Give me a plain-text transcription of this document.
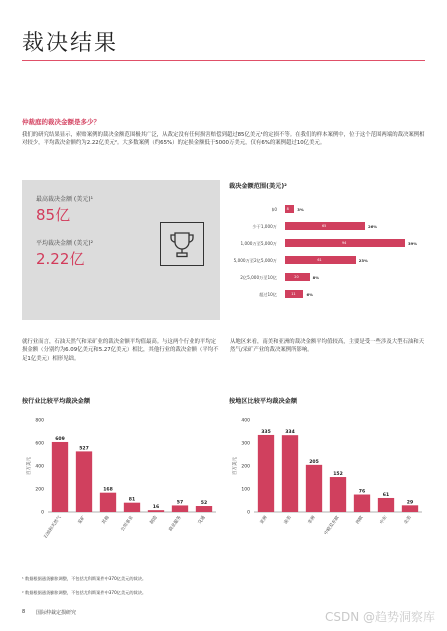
裁决结果
仲裁庭的裁决金额是多少？
我们的研究结果显示，索赔案例的裁决金额范围极其广泛，从裁定没有任何损害赔偿到超过85亿美元¹的定损不等。在我们的样本案例中，位于这个范围两端的裁决案例相对较少，平均裁决金额约为2.22亿美元²。大多数案例（约65%）的定损金额低于5000万美元，仅有6%的案例超过10亿美元。
最高裁决金额 (美元)¹
85亿
平均裁决金额 (美元)²
2.22亿
裁决金额范围(美元)²
$0	8 3%
少于1,000万	65	26%
1,000万至5,000万	94	39%
5,000万至2亿5,000万	61	23%
2亿5,000万至10亿	20	8%
超过10亿	11	6%
就行业而言，石油天然气和采矿业的裁决金额平均值最高。与这两个行业的平均定损金额（分别约为6.09亿美元和5.27亿美元）相比，其他行业的裁决金额（平均不足1亿美元）相形见绌。
从地区来看，南美和亚洲的裁决金额平均值较高，主要是受一些涉及大型石油和天然气/采矿产业的裁决案例所影响。
按行业比较平均裁决金额	按地区比较平均裁决金额
百万美元
0
200
400
600
800
609
石油和天然气
527
采矿
168
其他
81
公用事业
16
制造
57
商业服务
52
交通
百万美元
0
100
200
300
400
335
亚洲
334
南美
205
非洲
152
中欧及东欧
76
西欧
61
中东
29
北美
¹ 数据根据通货膨胀调整，不包括尤科斯案件中370亿美元的裁决。
² 数据根据通货膨胀调整，不包括尤科斯案件中370亿美元的裁决。
8 国际仲裁定损研究	CSDN @趋势洞察库
